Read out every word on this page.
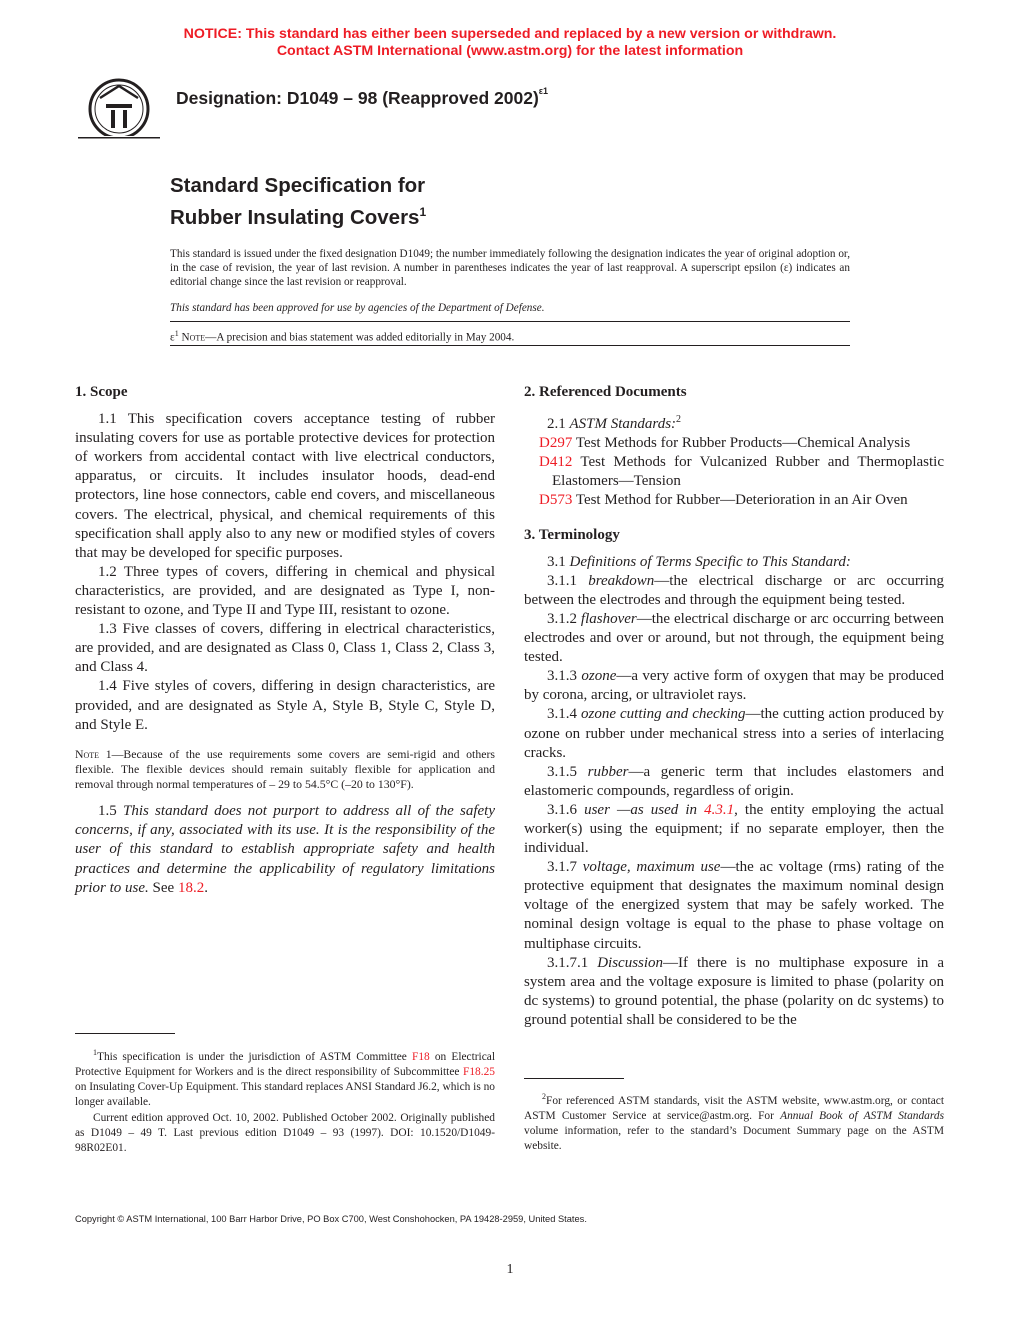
NOTICE: This standard has either been superseded and replaced by a new version or withdrawn.
Contact ASTM International (www.astm.org) for the latest information
Designation: D1049 – 98 (Reapproved 2002)$^{\varepsilon 1}$
Standard Specification for
Rubber Insulating Covers$^1$
This standard is issued under the fixed designation D1049; the number immediately following the designation indicates the year of original adoption or, in the case of revision, the year of last revision. A number in parentheses indicates the year of last reapproval. A superscript epsilon (ε) indicates an editorial change since the last revision or reapproval.
This standard has been approved for use by agencies of the Department of Defense.
$\varepsilon^1$ Note—A precision and bias statement was added editorially in May 2004.
1. Scope

1.1 This specification covers acceptance testing of rubber insulating covers for use as portable protective devices for protection of workers from accidental contact with live electrical conductors, apparatus, or circuits. It includes insulator hoods, dead-end protectors, line hose connectors, cable end covers, and miscellaneous covers. The electrical, physical, and chemical requirements of this specification shall apply also to any new or modified styles of covers that may be developed for specific purposes.

1.2 Three types of covers, differing in chemical and physical characteristics, are provided, and are designated as Type I, non-resistant to ozone, and Type II and Type III, resistant to ozone.

1.3 Five classes of covers, differing in electrical characteristics, are provided, and are designated as Class 0, Class 1, Class 2, Class 3, and Class 4.

1.4 Five styles of covers, differing in design characteristics, are provided, and are designated as Style A, Style B, Style C, Style D, and Style E.

Note 1—Because of the use requirements some covers are semi-rigid and others flexible. The flexible devices should remain suitably flexible for application and removal through normal temperatures of – 29 to 54.5°C (–20 to 130°F).

1.5 This standard does not purport to address all of the safety concerns, if any, associated with its use. It is the responsibility of the user of this standard to establish appropriate safety and health practices and determine the applicability of regulatory limitations prior to use. See 18.2.

2. Referenced Documents

2.1 ASTM Standards:$^2$

D297 Test Methods for Rubber Products—Chemical Analysis

D412 Test Methods for Vulcanized Rubber and Thermoplastic Elastomers—Tension

D573 Test Method for Rubber—Deterioration in an Air Oven

3. Terminology

3.1 Definitions of Terms Specific to This Standard:

3.1.1 breakdown—the electrical discharge or arc occurring between the electrodes and through the equipment being tested.

3.1.2 flashover—the electrical discharge or arc occurring between electrodes and over or around, but not through, the equipment being tested.

3.1.3 ozone—a very active form of oxygen that may be produced by corona, arcing, or ultraviolet rays.

3.1.4 ozone cutting and checking—the cutting action produced by ozone on rubber under mechanical stress into a series of interlacing cracks.

3.1.5 rubber—a generic term that includes elastomers and elastomeric compounds, regardless of origin.

3.1.6 user —as used in 4.3.1, the entity employing the actual worker(s) using the equipment; if no separate employer, then the individual.

3.1.7 voltage, maximum use—the ac voltage (rms) rating of the protective equipment that designates the maximum nominal design voltage of the energized system that may be safely worked. The nominal design voltage is equal to the phase to phase voltage on multiphase circuits.

3.1.7.1 Discussion—If there is no multiphase exposure in a system area and the voltage exposure is limited to phase (polarity on dc systems) to ground potential, the phase (polarity on dc systems) to ground potential shall be considered to be the

$^1$This specification is under the jurisdiction of ASTM Committee F18 on Electrical Protective Equipment for Workers and is the direct responsibility of Subcommittee F18.25 on Insulating Cover-Up Equipment. This standard replaces ANSI Standard J6.2, which is no longer available.

Current edition approved Oct. 10, 2002. Published October 2002. Originally published as D1049 – 49 T. Last previous edition D1049 – 93 (1997). DOI: 10.1520/D1049-98R02E01.

$^2$For referenced ASTM standards, visit the ASTM website, www.astm.org, or contact ASTM Customer Service at service@astm.org. For Annual Book of ASTM Standards volume information, refer to the standard’s Document Summary page on the ASTM website.

Copyright © ASTM International, 100 Barr Harbor Drive, PO Box C700, West Conshohocken, PA 19428-2959, United States.
1
